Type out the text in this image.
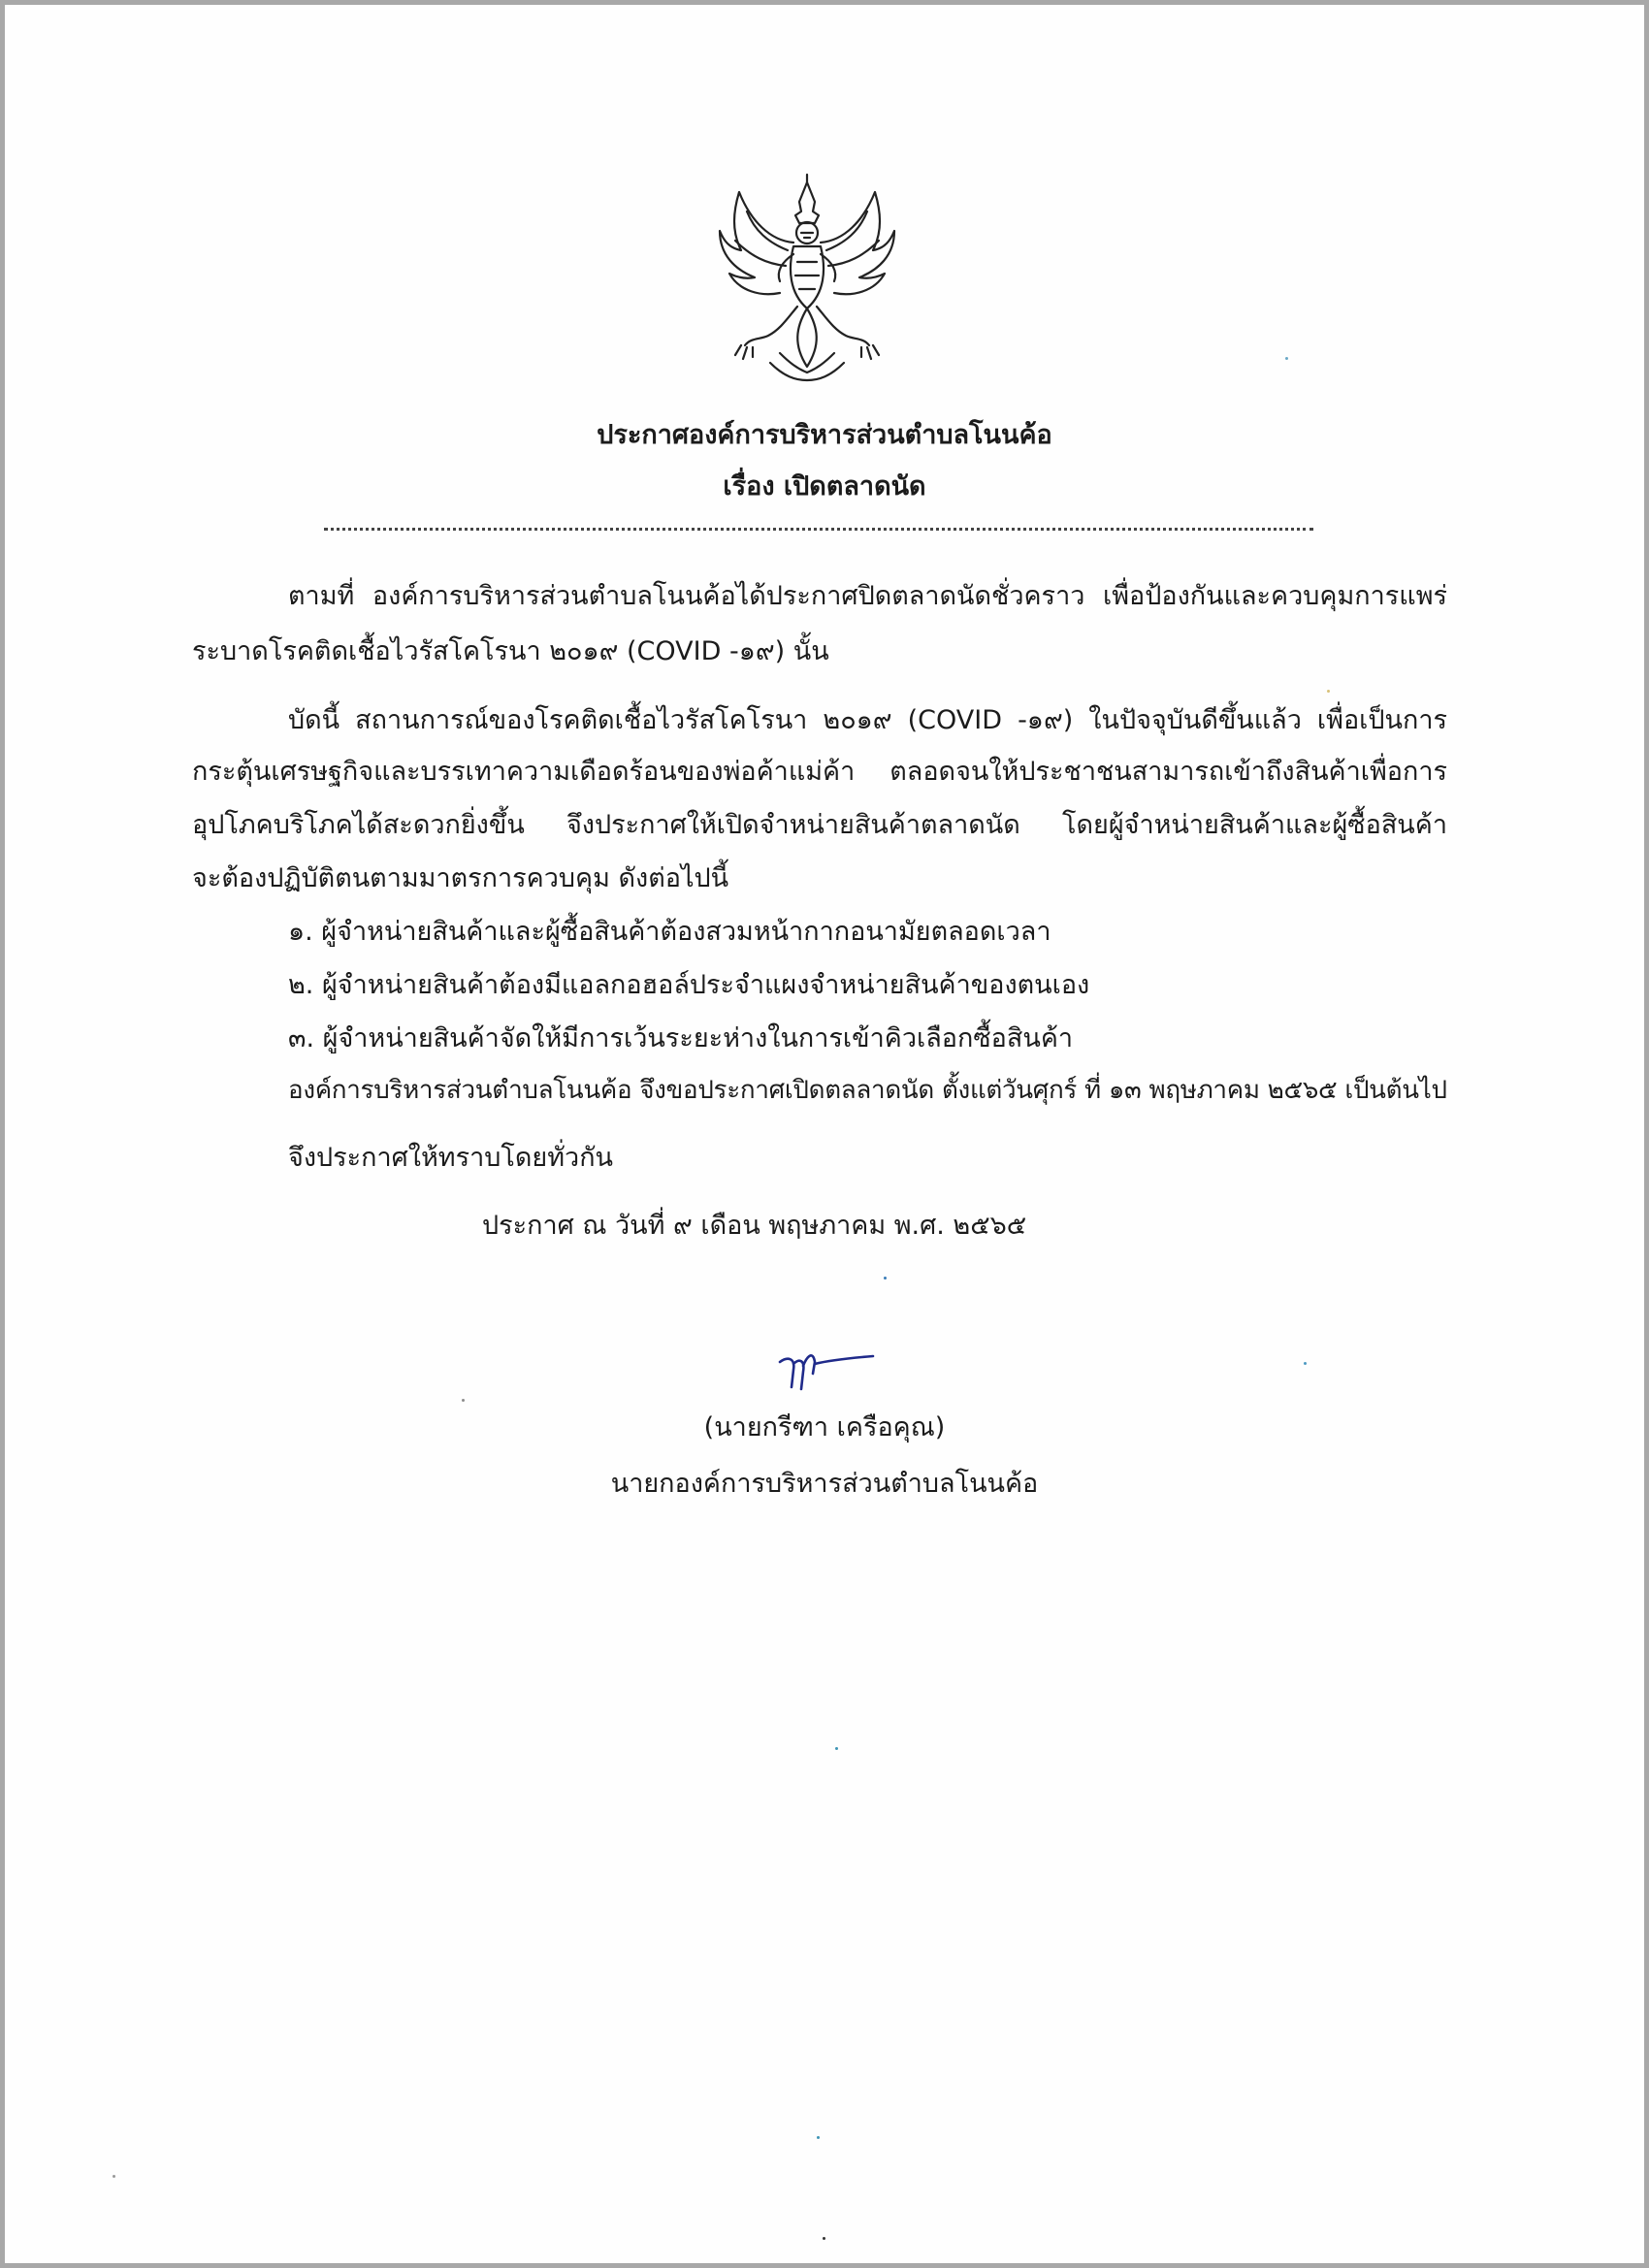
ประกาศองค์การบริหารส่วนตำบลโนนค้อ
เรื่อง เปิดตลาดนัด
ตามที่ องค์การบริหารส่วนตำบลโนนค้อได้ประกาศปิดตลาดนัดชั่วคราว เพื่อป้องกันและควบคุมการแพร่
ระบาดโรคติดเชื้อไวรัสโคโรนา ๒๐๑๙ (COVID -๑๙) นั้น
บัดนี้ สถานการณ์ของโรคติดเชื้อไวรัสโคโรนา ๒๐๑๙ (COVID -๑๙) ในปัจจุบันดีขึ้นแล้ว เพื่อเป็นการ
กระตุ้นเศรษฐกิจและบรรเทาความเดือดร้อนของพ่อค้าแม่ค้า ตลอดจนให้ประชาชนสามารถเข้าถึงสินค้าเพื่อการ
อุปโภคบริโภคได้สะดวกยิ่งขึ้น จึงประกาศให้เปิดจำหน่ายสินค้าตลาดนัด โดยผู้จำหน่ายสินค้าและผู้ซื้อสินค้า
จะต้องปฏิบัติตนตามมาตรการควบคุม ดังต่อไปนี้
๑. ผู้จำหน่ายสินค้าและผู้ซื้อสินค้าต้องสวมหน้ากากอนามัยตลอดเวลา
๒. ผู้จำหน่ายสินค้าต้องมีแอลกอฮอล์ประจำแผงจำหน่ายสินค้าของตนเอง
๓. ผู้จำหน่ายสินค้าจัดให้มีการเว้นระยะห่างในการเข้าคิวเลือกซื้อสินค้า
องค์การบริหารส่วนตำบลโนนค้อ จึงขอประกาศเปิดตลลาดนัด ตั้งแต่วันศุกร์ ที่ ๑๓ พฤษภาคม ๒๕๖๕ เป็นต้นไป
จึงประกาศให้ทราบโดยทั่วกัน
ประกาศ ณ วันที่ ๙ เดือน พฤษภาคม พ.ศ. ๒๕๖๕
(นายกรีฑา เครือคุณ)
นายกองค์การบริหารส่วนตำบลโนนค้อ
